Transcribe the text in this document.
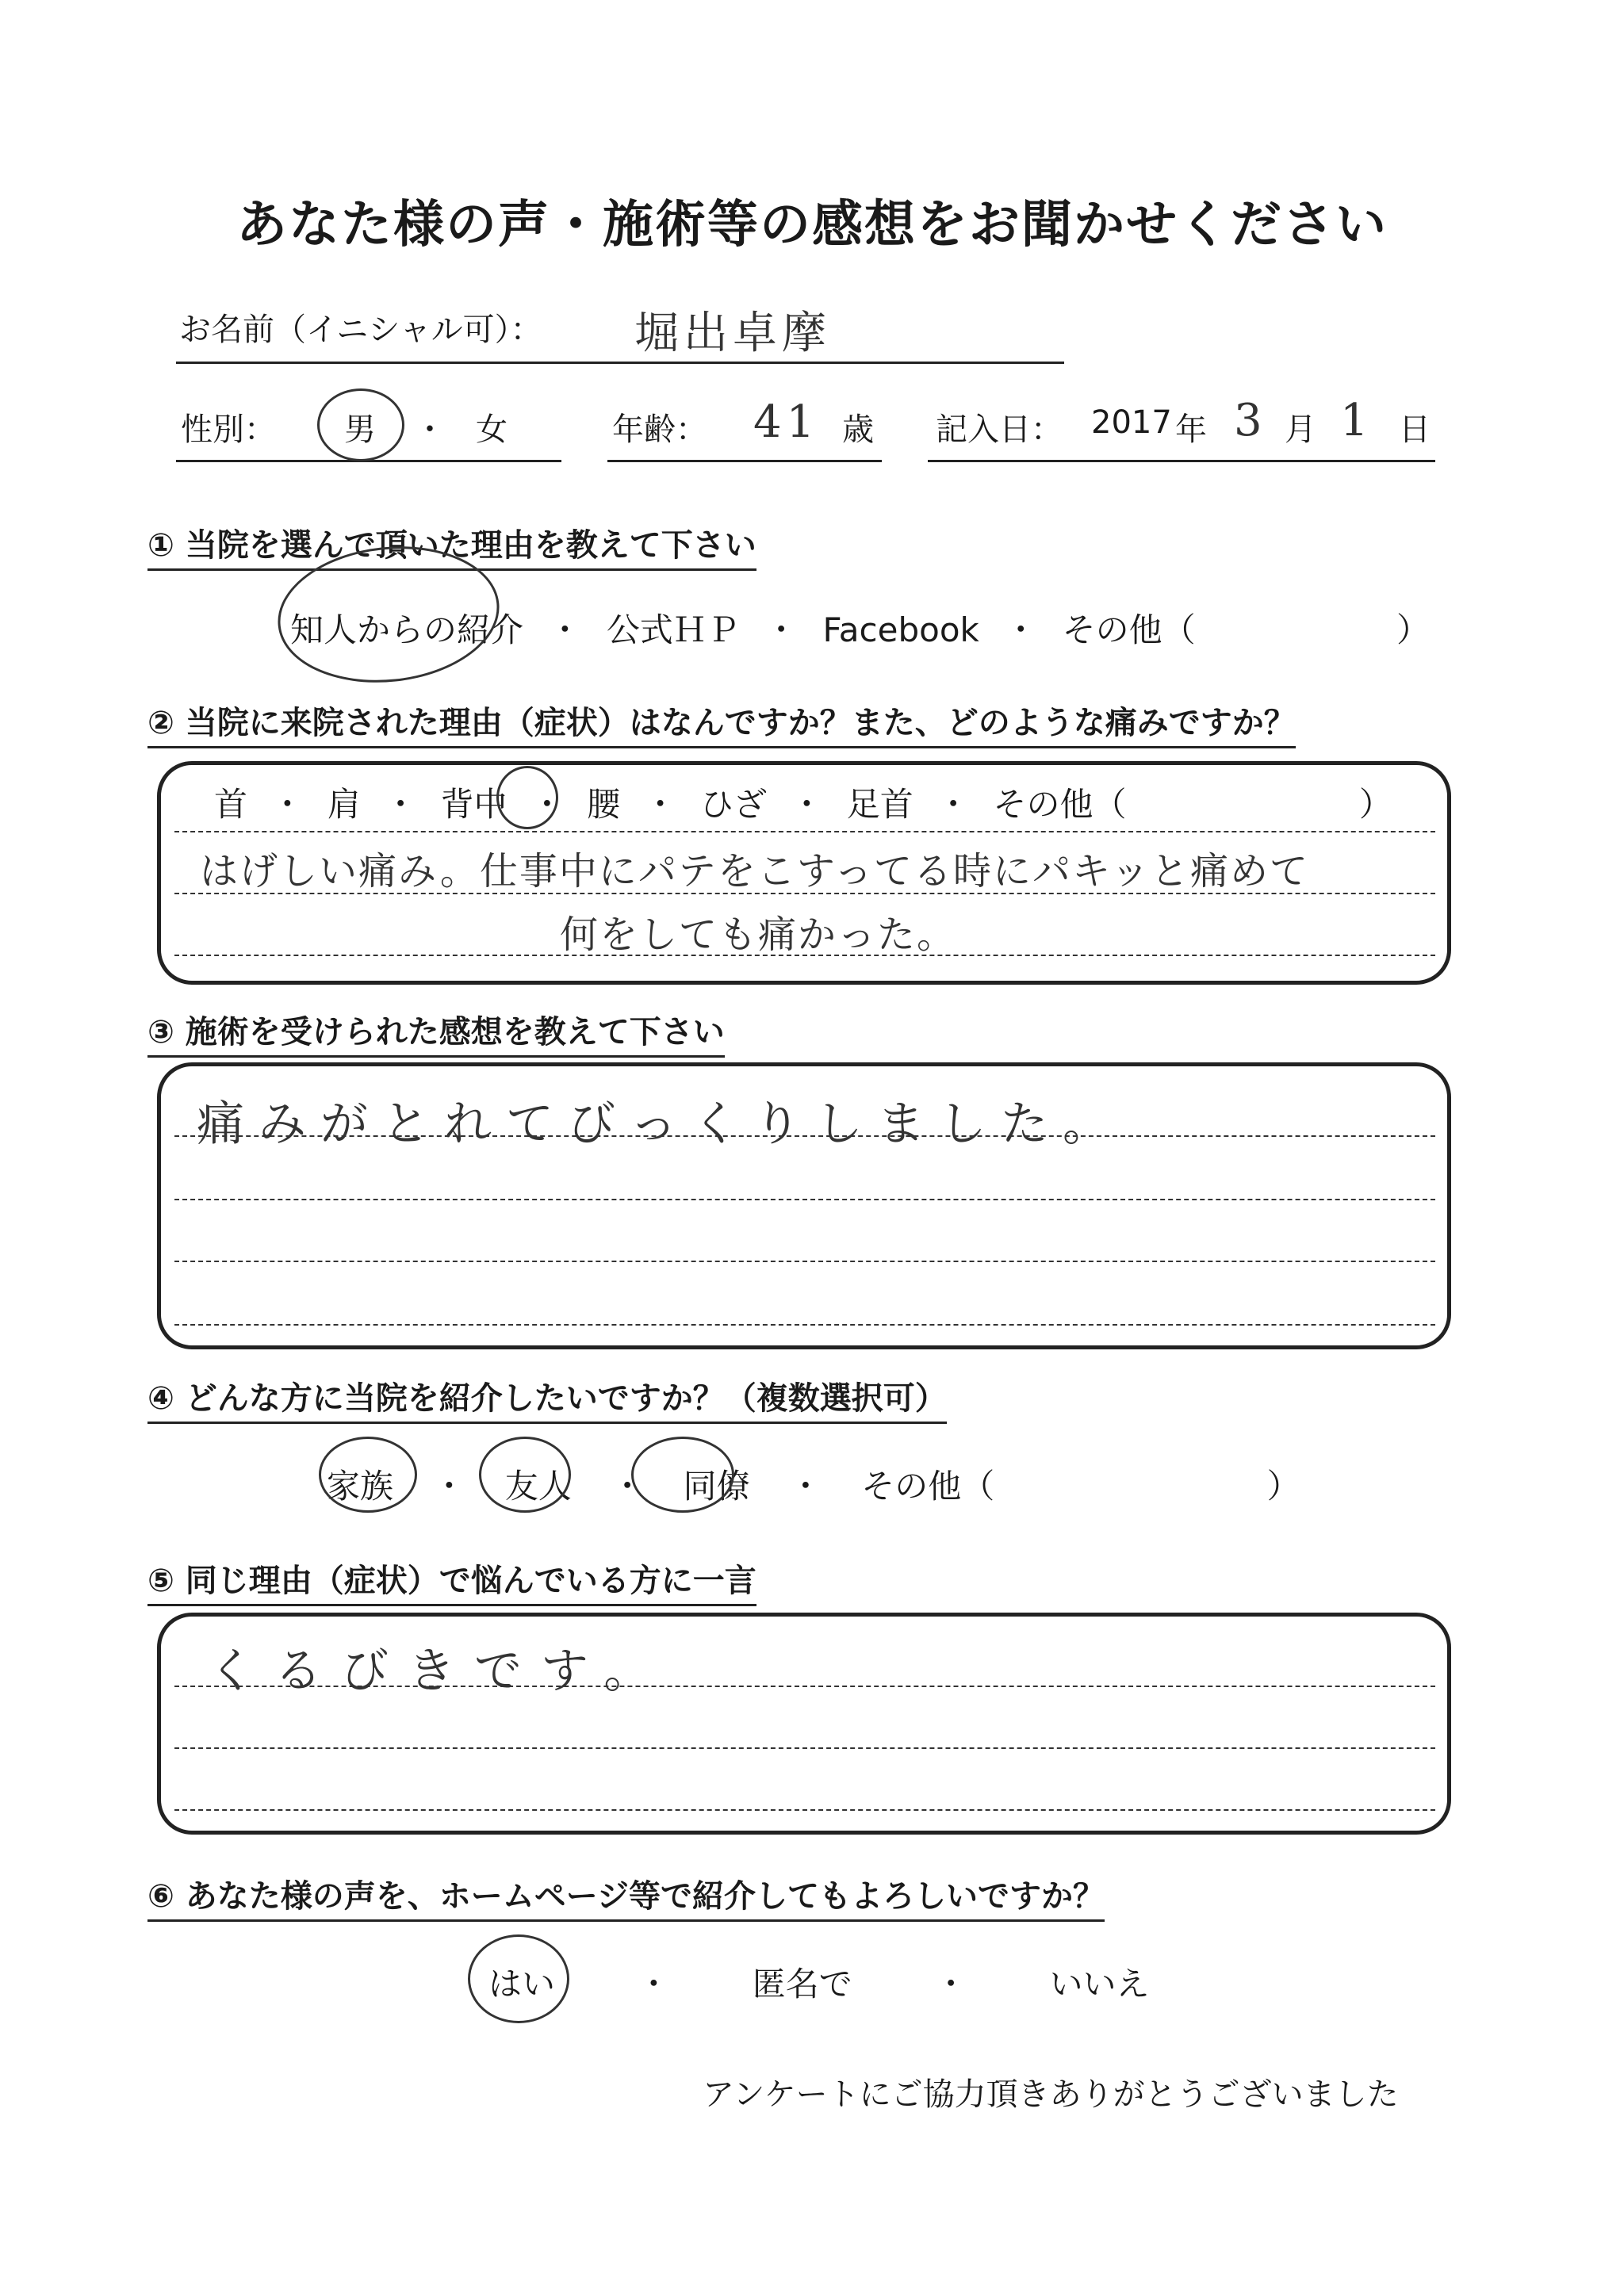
あなた様の声・施術等の感想をお聞かせください
お名前（イニシャル可）： 堀出卓摩
性別： 男 ・ 女	年齢： 41 歳 記入日： 2017 年 3 月 1 日
① 当院を選んで頂いた理由を教えて下さい
知人からの紹介 ・ 公式ＨＰ ・ Facebook ・ その他（	）
② 当院に来院された理由（症状）はなんですか？また、どのような痛みですか？
首 ・ 肩 ・ 背中 ・ 腰 ・ ひざ ・ 足首 ・ その他（	）
はげしい痛み。仕事中にパテをこすってる時にパキッと痛めて
何をしても痛かった。
③ 施術を受けられた感想を教えて下さい
痛みがとれてびっくりしました。
④ どんな方に当院を紹介したいですか？（複数選択可）
家族 ・ 友人 ・ 同僚 ・ その他（	）
⑤ 同じ理由（症状）で悩んでいる方に一言
くるびきです。
⑥ あなた様の声を、ホームページ等で紹介してもよろしいですか？
はい ・ 匿名で ・ いいえ
アンケートにご協力頂きありがとうございました
